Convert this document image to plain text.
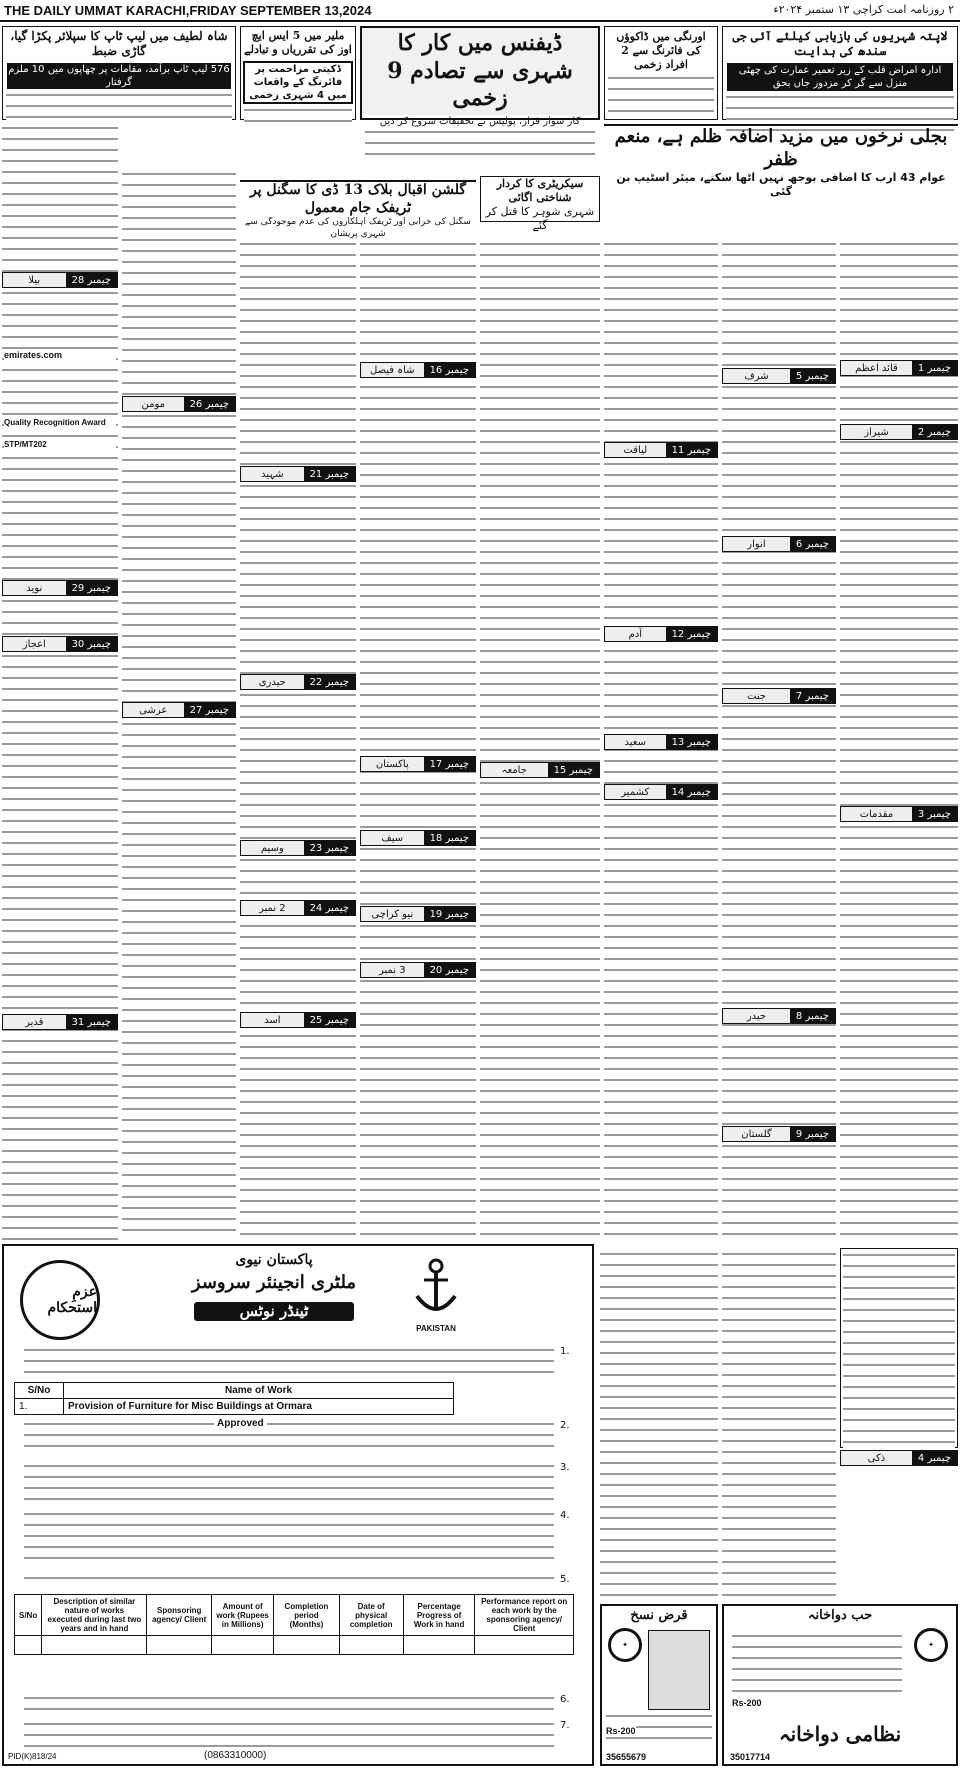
THE DAILY UMMAT KARACHI,FRIDAY SEPTEMBER 13,2024	۲ روزنامہ امت کراچی ۱۳ ستمبر ۲۰۲۴ء
لاپتہ شہریوں کی بازیابی کیلئے آئی جی سندھ کی ہدایت
ادارہ امراض قلب کے زیر تعمیر عمارت کی چھٹی منزل سے گر کر مزدور جاں بحق
اورنگی میں ڈاکوؤں کی فائرنگ سے 2 افراد زخمی
ڈیفنس میں کار کا شہری سے تصادم 9 زخمی
کار سوار فرار، پولیس نے تحقیقات شروع کر دیں
ملیر میں 5 ایس ایچ اوز کی تقرریاں و تبادلے
ڈکیتی مزاحمت پر فائرنگ کے واقعات میں 4 شہری زخمی
شاہ لطیف میں لیپ ٹاپ کا سپلائر پکڑا گیا، گاڑی ضبط
576 لیپ ٹاپ برآمد، مقامات پر چھاپوں میں 10 ملزم گرفتار
بجلی نرخوں میں مزید اضافہ ظلم ہے، منعم ظفر
عوام 43 ارب کا اضافی بوجھ نہیں اٹھا سکتے، میئر اسٹیپ بن گئی
سیکریٹری کا کردار شناختی اگائی
شہری شوہر کا قتل کر گئے
گلشن اقبال بلاک 13 ڈی کا سگنل پر ٹریفک جام معمول
سگنل کی خرابی اور ٹریفک اہلکاروں کی عدم موجودگی سے شہری پریشان
چیمبر 1
قائد اعظم
چیمبر 2
شیراز
چیمبر 3
مقدمات
چیمبر 4
ذکی
چیمبر 5
شرف
چیمبر 6
انوار
چیمبر 7
جنت
چیمبر 8
حیدر
چیمبر 9
گلستان
چیمبر 11
لیاقت
چیمبر 12
آدم
چیمبر 13
سعید
چیمبر 14
کشمیر
چیمبر 15
جامعہ
چیمبر 16
شاہ فیصل
چیمبر 17
پاکستان
چیمبر 18
سیف
چیمبر 19
نیو کراچی
چیمبر 20
3 نمبر
چیمبر 21
شہید
چیمبر 22
حیدری
چیمبر 23
وسیم
چیمبر 24
2 نمبر
چیمبر 25
اسد
چیمبر 26
مومن
چیمبر 27
عرشی
چیمبر 28
بیلا
چیمبر 29
نوید
چیمبر 30
اعجاز
چیمبر 31
قدیر
emirates.com
Quality Recognition Award
STP/MT202
عزمِ استحکام
PAKISTAN
پاکستان نیوی
ملٹری انجینئر سروسز
ٹینڈر نوٹس
1.
S/No	Name of Work
1.	Provision of Furniture for Misc Buildings at Ormara
2.
Approved
3.
4.
5.
S/No	Description of similar nature of works executed during last two years and in hand	Sponsoring agency/ Client	Amount of work (Rupees in Millions)	Completion period (Months)	Date of physical completion	Percentage Progress of Work in hand	Performance report on each work by the sponsoring agency/ Client

6.
7.
(0863310000)
PID(K)818/24
حب دواخانہ
✦
Rs-200
نظامی دواخانہ
35017714
قرض نسخ
✦
Rs-200
35655679
